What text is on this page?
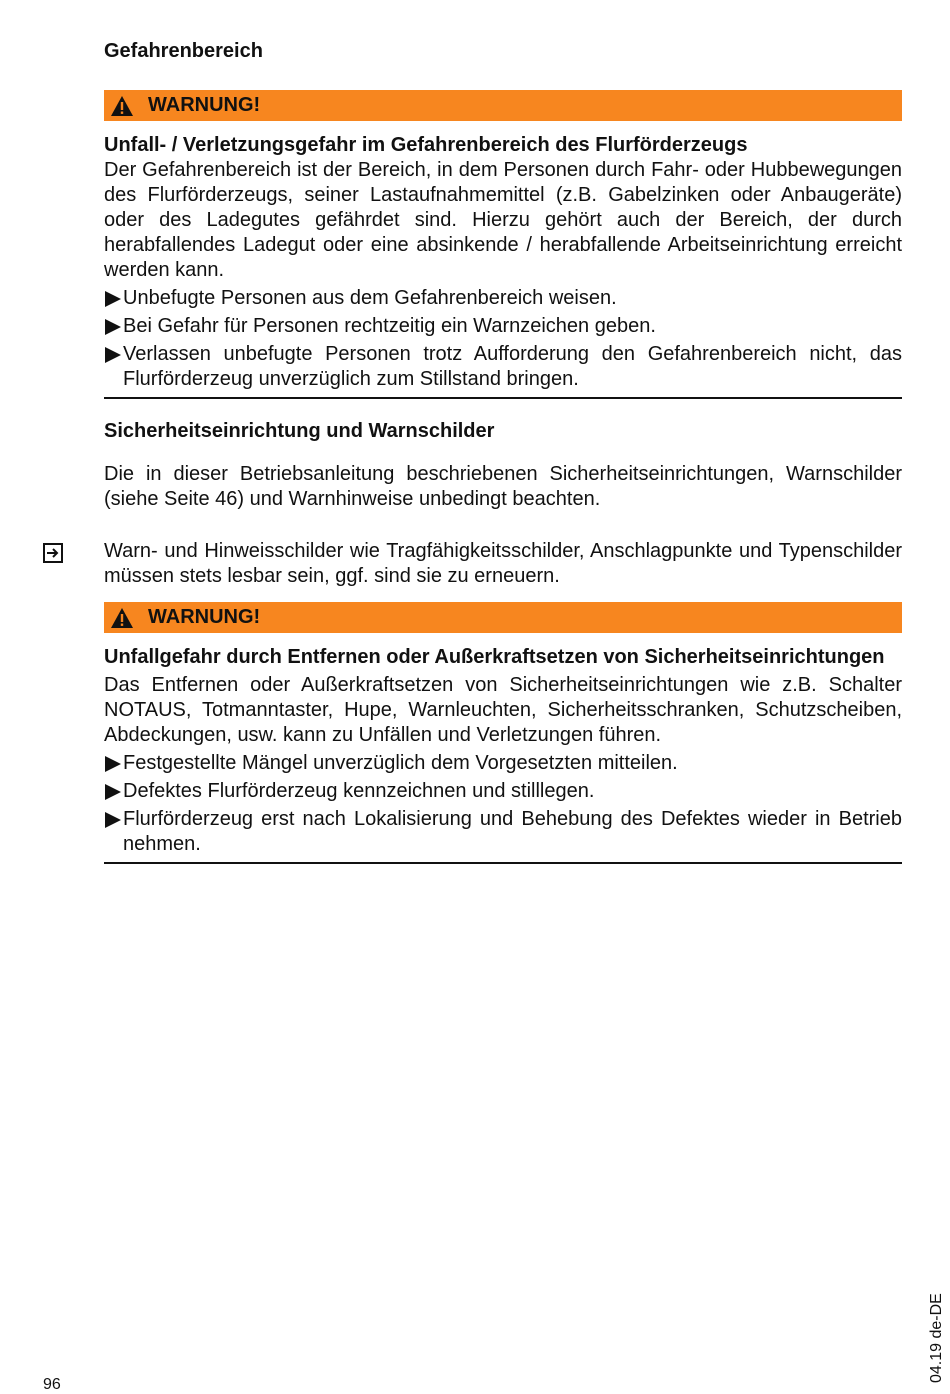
Gefahrenbereich
WARNUNG!

Unfall- / Verletzungsgefahr im Gefahrenbereich des Flurförderzeugs

Der Gefahrenbereich ist der Bereich, in dem Personen durch Fahr- oder Hubbewegungen des Flurförderzeugs, seiner Lastaufnahmemittel (z.B. Gabelzinken oder Anbaugeräte) oder des Ladegutes gefährdet sind. Hierzu gehört auch der Bereich, der durch herabfallendes Ladegut oder eine absinkende / herabfallende Arbeitseinrichtung erreicht werden kann.

Unbefugte Personen aus dem Gefahrenbereich weisen.
Bei Gefahr für Personen rechtzeitig ein Warnzeichen geben.
Verlassen unbefugte Personen trotz Aufforderung den Gefahrenbereich nicht, das Flurförderzeug unverzüglich zum Stillstand bringen.
Sicherheitseinrichtung und Warnschilder

Die in dieser Betriebsanleitung beschriebenen Sicherheitseinrichtungen, Warnschilder (siehe Seite 46) und Warnhinweise unbedingt beachten.

Warn- und Hinweisschilder wie Tragfähigkeitsschilder, Anschlagpunkte und Typenschilder müssen stets lesbar sein, ggf. sind sie zu erneuern.

WARNUNG!

Unfallgefahr durch Entfernen oder Außerkraftsetzen von Sicherheitseinrichtungen

Das Entfernen oder Außerkraftsetzen von Sicherheitseinrichtungen wie z.B. Schalter NOTAUS, Totmanntaster, Hupe, Warnleuchten, Sicherheitsschranken, Schutzscheiben, Abdeckungen, usw. kann zu Unfällen und Verletzungen führen.

Festgestellte Mängel unverzüglich dem Vorgesetzten mitteilen.
Defektes Flurförderzeug kennzeichnen und stilllegen.
Flurförderzeug erst nach Lokalisierung und Behebung des Defektes wieder in Betrieb nehmen.
96
04.19 de-DE
